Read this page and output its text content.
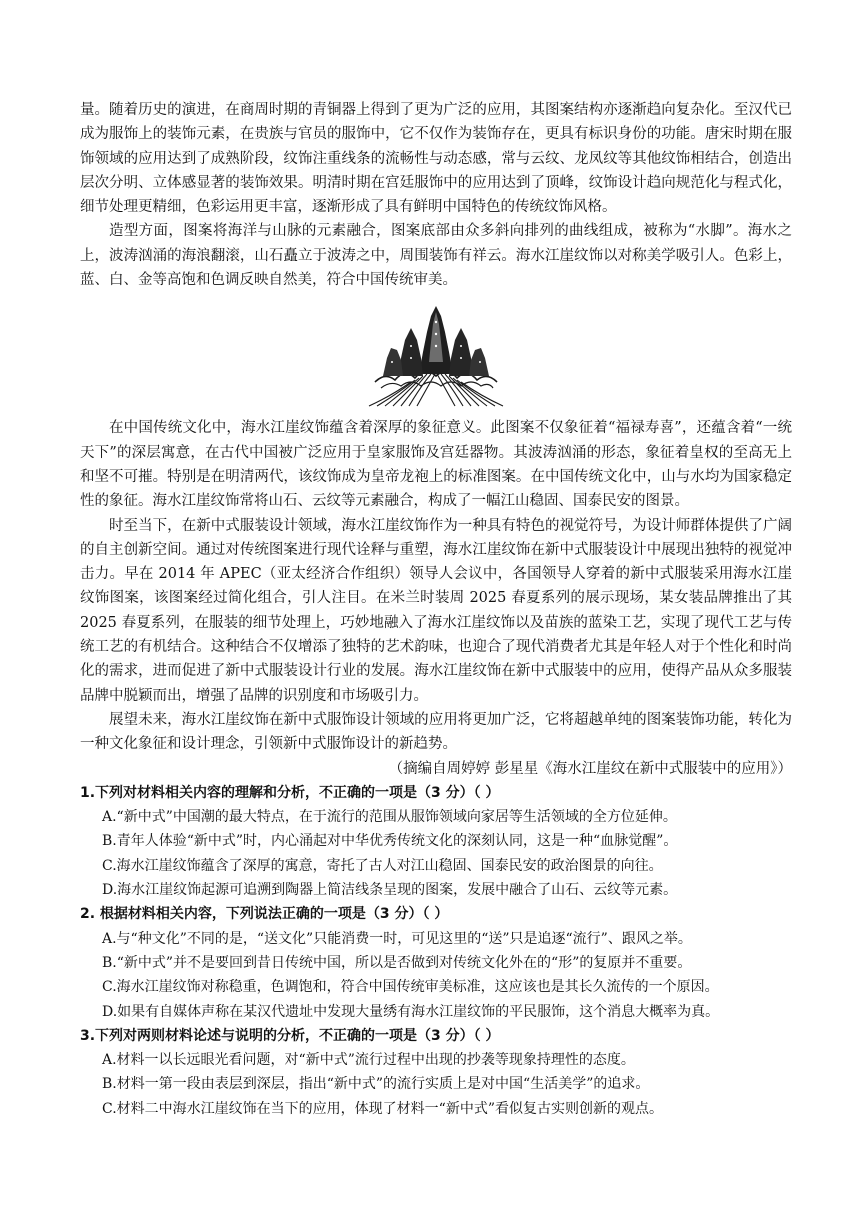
量。随着历史的演进，在商周时期的青铜器上得到了更为广泛的应用，其图案结构亦逐渐趋向复杂化。至汉代已成为服饰上的装饰元素，在贵族与官员的服饰中，它不仅作为装饰存在，更具有标识身份的功能。唐宋时期在服饰领域的应用达到了成熟阶段，纹饰注重线条的流畅性与动态感，常与云纹、龙凤纹等其他纹饰相结合，创造出层次分明、立体感显著的装饰效果。明清时期在宫廷服饰中的应用达到了顶峰，纹饰设计趋向规范化与程式化，细节处理更精细，色彩运用更丰富，逐渐形成了具有鲜明中国特色的传统纹饰风格。

造型方面，图案将海洋与山脉的元素融合，图案底部由众多斜向排列的曲线组成，被称为“水脚”。海水之上，波涛汹涌的海浪翻滚，山石矗立于波涛之中，周围装饰有祥云。海水江崖纹饰以对称美学吸引人。色彩上，蓝、白、金等高饱和色调反映自然美，符合中国传统审美。

在中国传统文化中，海水江崖纹饰蕴含着深厚的象征意义。此图案不仅象征着“福禄寿喜”，还蕴含着“一统天下”的深层寓意，在古代中国被广泛应用于皇家服饰及宫廷器物。其波涛汹涌的形态，象征着皇权的至高无上和坚不可摧。特别是在明清两代，该纹饰成为皇帝龙袍上的标准图案。在中国传统文化中，山与水均为国家稳定性的象征。海水江崖纹饰常将山石、云纹等元素融合，构成了一幅江山稳固、国泰民安的图景。

时至当下，在新中式服装设计领域，海水江崖纹饰作为一种具有特色的视觉符号，为设计师群体提供了广阔的自主创新空间。通过对传统图案进行现代诠释与重塑，海水江崖纹饰在新中式服装设计中展现出独特的视觉冲击力。早在 2014 年 APEC（亚太经济合作组织）领导人会议中，各国领导人穿着的新中式服装采用海水江崖纹饰图案，该图案经过简化组合，引人注目。在米兰时装周 2025 春夏系列的展示现场，某女装品牌推出了其 2025 春夏系列，在服装的细节处理上，巧妙地融入了海水江崖纹饰以及苗族的蓝染工艺，实现了现代工艺与传统工艺的有机结合。这种结合不仅增添了独特的艺术韵味，也迎合了现代消费者尤其是年轻人对于个性化和时尚化的需求，进而促进了新中式服装设计行业的发展。海水江崖纹饰在新中式服装中的应用，使得产品从众多服装品牌中脱颖而出，增强了品牌的识别度和市场吸引力。

展望未来，海水江崖纹饰在新中式服饰设计领域的应用将更加广泛，它将超越单纯的图案装饰功能，转化为一种文化象征和设计理念，引领新中式服饰设计的新趋势。

（摘编自周婷婷 彭星星《海水江崖纹在新中式服装中的应用》）

1.下列对材料相关内容的理解和分析，不正确的一项是（3 分）（ ）

A.“新中式”中国潮的最大特点，在于流行的范围从服饰领域向家居等生活领域的全方位延伸。

B.青年人体验“新中式”时，内心涌起对中华优秀传统文化的深刻认同，这是一种“血脉觉醒”。

C.海水江崖纹饰蕴含了深厚的寓意，寄托了古人对江山稳固、国泰民安的政治图景的向往。

D.海水江崖纹饰起源可追溯到陶器上简洁线条呈现的图案，发展中融合了山石、云纹等元素。

2. 根据材料相关内容，下列说法正确的一项是（3 分）（ ）

A.与“种文化”不同的是，“送文化”只能消费一时，可见这里的“送”只是追逐“流行”、跟风之举。

B.“新中式”并不是要回到昔日传统中国，所以是否做到对传统文化外在的“形”的复原并不重要。

C.海水江崖纹饰对称稳重，色调饱和，符合中国传统审美标准，这应该也是其长久流传的一个原因。

D.如果有自媒体声称在某汉代遗址中发现大量绣有海水江崖纹饰的平民服饰，这个消息大概率为真。

3.下列对两则材料论述与说明的分析，不正确的一项是（3 分）（ ）

A.材料一以长远眼光看问题，对“新中式”流行过程中出现的抄袭等现象持理性的态度。

B.材料一第一段由表层到深层，指出“新中式”的流行实质上是对中国“生活美学”的追求。

C.材料二中海水江崖纹饰在当下的应用，体现了材料一“新中式”看似复古实则创新的观点。
